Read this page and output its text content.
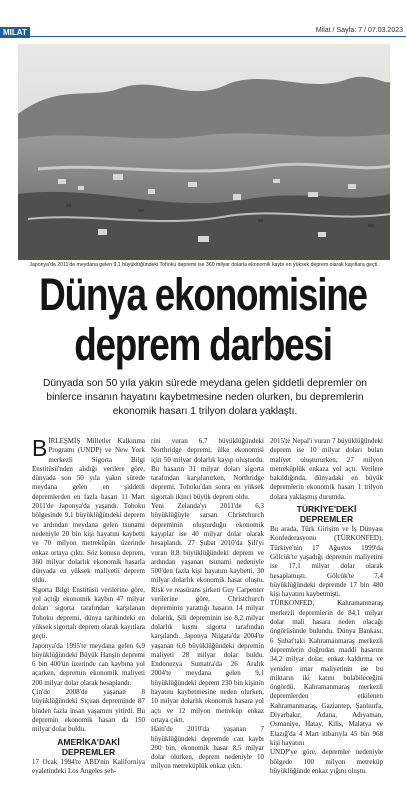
MILAT	Milat / Sayfa: 7 / 07.03.2023
Japonya'da 2011'de meydana gelen 9,1 büyüklüğündeki Tohoku depremi ise 360 milyar dolarla ekonomik kaybı en yüksek deprem olarak kayıtlara geçti.
Dünya ekonomisine
deprem darbesi
Dünyada son 50 yıla yakın sürede meydana gelen şiddetli depremler on binlerce insanın hayatını kaybetmesine neden olurken, bu depremlerin ekonomik hasarı 1 trilyon dolara yaklaştı.

BİRLEŞMİŞ Milletler Kalkınma Programı (UNDP) ve New York merkezli Sigorta Bilgi Enstitüsü'nden alıdığı verilere göre, dünyada son 50 yıla yakın sürede meydana gelen en şiddetli depremlerden en fazla hasarı 11 Mart 2011'de Japonya'da yaşandı. Tohoku bölgesinde 9,1 büyüklüğündeki deprem ve ardından meydana gelen tsunami nedeniyle 20 bin kişi hayatını kaybetti ve 70 milyon metreküpün üzerinde enkaz ortaya çıktı. Söz konusu deprem, 360 milyar dolarlık ekonomik hasarla dünyada en yüksek maliyetli deprem oldu.

Sigorta Bilgi Enstitüsü verilerine göre, yol açtığı ekonomik kaybın 47 milyar doları sigorta tarafından karşılanan Tohoku depremi, dünya tarihindeki en yüksek sigortalı deprem olarak kayıtlara geçti.

Japonya'da 1995'te meydana gelen 6,9 büyüklüğündeki Büyük Hanşin depremi 6 bin 400'ün üzerinde can kaybına yol açarken, depremin ekonomik maliyeti 200 milyar dolar olarak hesaplandı.

Çin'de 2008'de yaşanan 8 büyüklüğündeki Siçuan depreminde 87 binden fazla insan yaşamını yitirdi. Bu depremin ekonomik hasarı da 150 milyar dolar buldu.

AMERİKA'DAKİ DEPREMLER

17 Ocak 1994'te ABD'nin Kaliforniya eyaletindeki Los Angeles şeh-

rini vuran 6,7 büyüklüğündeki Northridge depremi, ülke ekonomisi için 50 milyar dolarlık kayıp oluşturdu. Bu hasarın 31 milyar doları sigorta tarafından karşılanırken, Northridge depremi, Tohoku'dan sonra en yüksek sigortalı ikinci büyük deprem oldu.

Yeni Zelanda'yı 2011'de 6,3 büyüklüğüyle sarsan Christchurch depreminin oluşturduğu ekonomik kayıplar ise 40 milyar dolar olarak hesaplandı. 27 Şubat 2010'da Şili'yi vuran 8,8 büyüklüğündeki deprem ve ardından yaşanan tsunami nedeniyle 500'den fazla kişi hayatını kaybetti, 30 milyar dolarlık ekonomik hasar oluştu. Risk ve reasürans şirketi Guy Carpenter verilerine göre, Christchurch depreminin yarattığı hasarın 14 milyar dolarlık, Şili depreminin ise 8,2 milyar dolarlık kısmı sigorta tarafından karşılandı. Japonya Niigata'da 2004'te yaşanan 6,6 büyüklüğündeki depremin maliyeti 28 milyar dolar buldu. Endonezya Sumatra'da 26 Aralık 2004'te meydana gelen 9,1 büyüklüğündeki deprem 230 bin kişinin hayatını kaybetmesine neden olurken, 10 milyar dolarlık ekonomik hasara yol açtı ve 12 milyon metreküp enkaz ortaya çıktı.

Haiti'de 2010'da yaşanan 7 büyüklüğündeki depremde can kaybı 200 bin, ekonomik hasar 8,5 milyar dolar olurken, deprem nedeniyle 10 milyon metreküplük enkaz çıktı.

2015'te Nepal'i vuran 7 büyüklüğündeki deprem ise 10 milyar doları bulan maliyet oluştururken, 27 milyon metreküplük enkaza yol açtı. Verilere bakıldığında, dünyadaki en büyük depremlerin ekonomik hasarı 1 trilyon dolara yaklaşmış durumda.

TÜRKİYE'DEKİ DEPREMLER

Bu arada, Türk Girişim ve İş Dünyası Konfederasyonu (TÜRKONFED), Türkiye'nin 17 Ağustos 1999'da Gölcük'te yaşadığı depremin maliyetini ise 17,1 milyar dolar olarak hesaplamıştı. Gölcük'te 7,4 büyüklüğündeki depremde 17 bin 480 kişi hayatını kaybetmişti.

TÜRKONFED, Kahramanmaraş merkezli depremlerin de 84,1 milyar dolar mali hasara neden olacağı öngörüsünde bulundu. Dünya Bankası, 6 Şubat'taki Kahramanmaraş merkezli depremlerin doğrudan maddi hasarını 34,2 milyar dolar, enkaz kaldırma ve yeniden imar maliyetinin ise bu miktarın iki katını bulabileceğini öngördü. Kahramanmaraş merkezli depremlerden etkilenen Kahramanmaraş, Gaziantep, Şanlıurfa, Diyarbakır, Adana, Adıyaman, Osmaniye, Hatay, Kilis, Malatya ve Elazığ'da 4 Mart itibarıyla 45 bin 968 kişi hayatını

UNDP'ye göre, depremler nedeniyle bölgede 100 milyon metreküp büyüklüğünde enkaz yığını oluştu.
